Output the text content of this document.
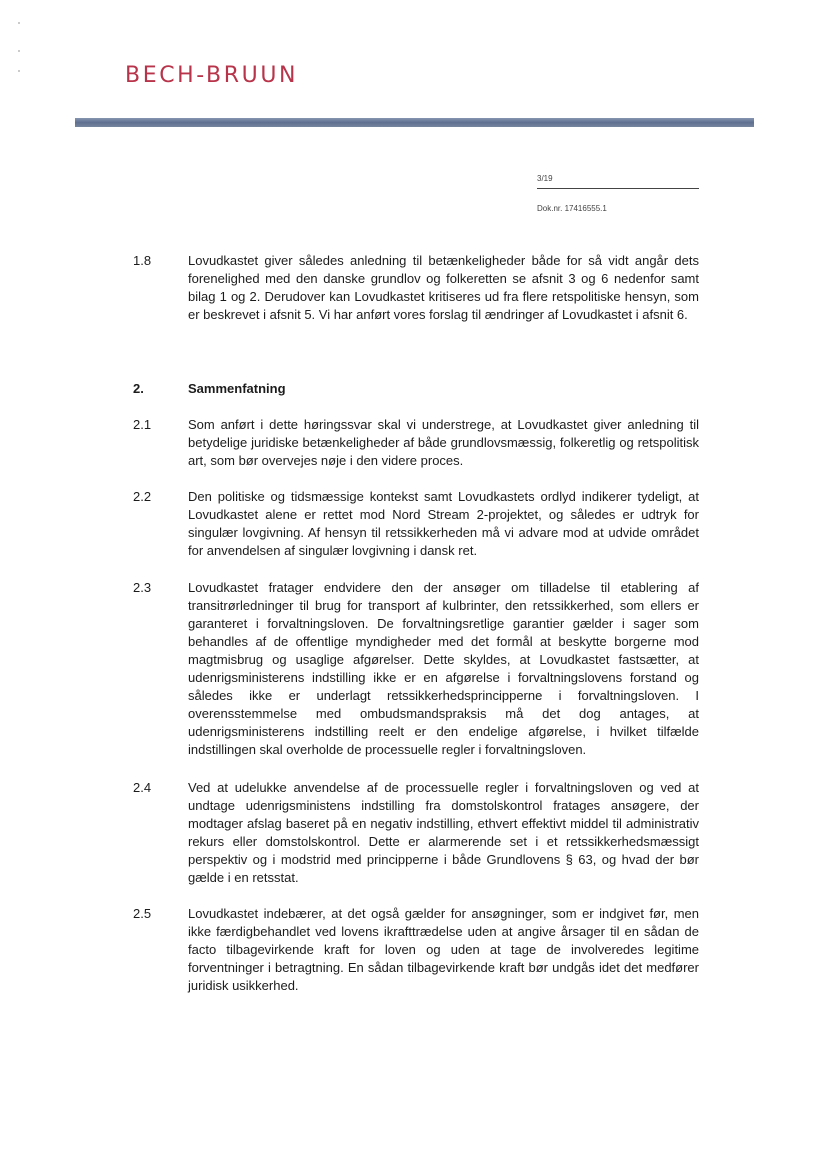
BECH-BRUUN
3/19
Dok.nr. 17416555.1
1.8	Lovudkastet giver således anledning til betænkeligheder både for så vidt angår dets forenelighed med den danske grundlov og folkeretten se afsnit 3 og 6 nedenfor samt bilag 1 og 2. Derudover kan Lovudkastet kritiseres ud fra flere retspolitiske hensyn, som er beskrevet i afsnit 5. Vi har anført vores forslag til ændringer af Lovudkastet i afsnit 6.

2.	Sammenfatning
2.1	Som anført i dette høringssvar skal vi understrege, at Lovudkastet giver anledning til betydelige juridiske betænkeligheder af både grundlovsmæssig, folkeretlig og retspolitisk art, som bør overvejes nøje i den videre proces.

2.2	Den politiske og tidsmæssige kontekst samt Lovudkastets ordlyd indikerer tydeligt, at Lovudkastet alene er rettet mod Nord Stream 2-projektet, og således er udtryk for singulær lovgivning. Af hensyn til retssikkerheden må vi advare mod at udvide området for anvendelsen af singulær lovgivning i dansk ret.

2.3	Lovudkastet fratager endvidere den der ansøger om tilladelse til etablering af transitrørledninger til brug for transport af kulbrinter, den retssikkerhed, som ellers er garanteret i forvaltningsloven. De forvaltningsretlige garantier gælder i sager som behandles af de offentlige myndigheder med det formål at beskytte borgerne mod magtmisbrug og usaglige afgørelser. Dette skyldes, at Lovudkastet fastsætter, at udenrigsministerens indstilling ikke er en afgørelse i forvaltningslovens forstand og således ikke er underlagt retssikkerhedsprincipperne i forvaltningsloven. I overensstemmelse med ombudsmandspraksis må det dog antages, at udenrigsministerens indstilling reelt er den endelige afgørelse, i hvilket tilfælde indstillingen skal overholde de processuelle regler i forvaltningsloven.

2.4	Ved at udelukke anvendelse af de processuelle regler i forvaltningsloven og ved at undtage udenrigsministens indstilling fra domstolskontrol fratages ansøgere, der modtager afslag baseret på en negativ indstilling, ethvert effektivt middel til administrativ rekurs eller domstolskontrol. Dette er alarmerende set i et retssikkerhedsmæssigt perspektiv og i modstrid med principperne i både Grundlovens § 63, og hvad der bør gælde i en retsstat.

2.5	Lovudkastet indebærer, at det også gælder for ansøgninger, som er indgivet før, men ikke færdigbehandlet ved lovens ikrafttrædelse uden at angive årsager til en sådan de facto tilbagevirkende kraft for loven og uden at tage de involveredes legitime forventninger i betragtning. En sådan tilbagevirkende kraft bør undgås idet det medfører juridisk usikkerhed.
